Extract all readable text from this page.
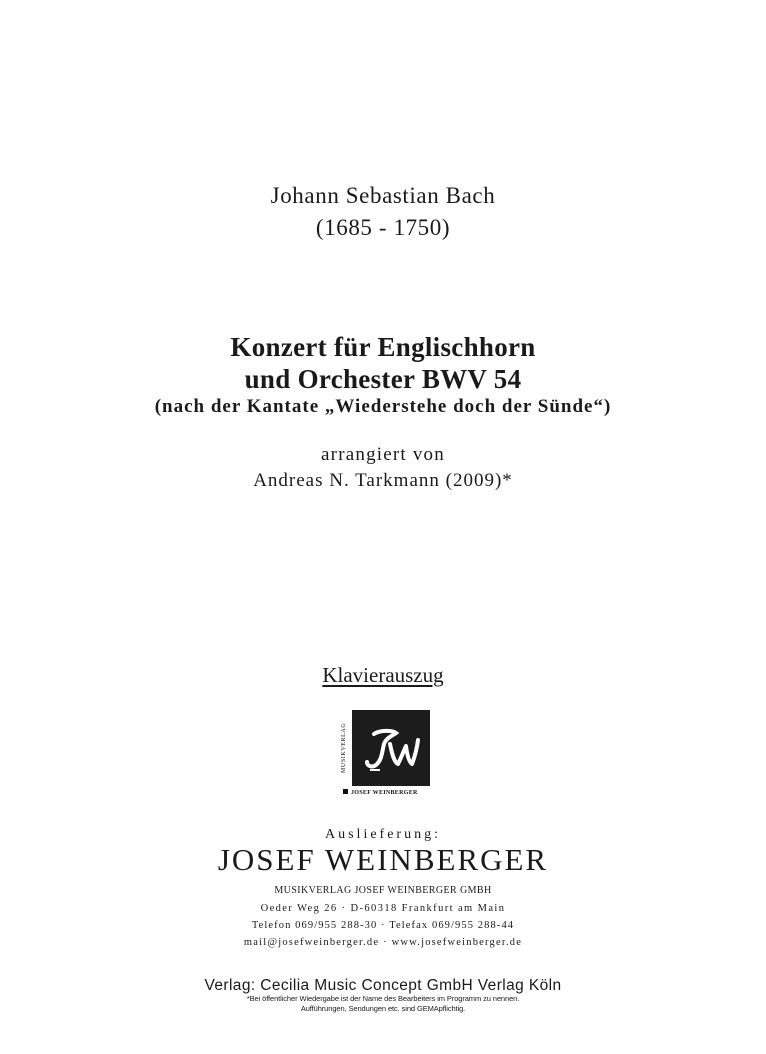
Johann Sebastian Bach
(1685 - 1750)
Konzert für Englischhorn
und Orchester BWV 54
(nach der Kantate „Wiederstehe doch der Sünde“)
arrangiert von
Andreas N. Tarkmann (2009)*
Klavierauszug
MUSIKVERLAG
JOSEF WEINBERGER
Auslieferung:
JOSEF WEINBERGER
MUSIKVERLAG JOSEF WEINBERGER GMBH
Oeder Weg 26 · D-60318 Frankfurt am Main
Telefon 069/955 288-30 · Telefax 069/955 288-44
mail@josefweinberger.de · www.josefweinberger.de
Verlag: Cecilia Music Concept GmbH Verlag Köln
*Bei öffentlicher Wiedergabe ist der Name des Bearbeiters im Programm zu nennen.
Aufführungen, Sendungen etc. sind GEMApflichtig.
